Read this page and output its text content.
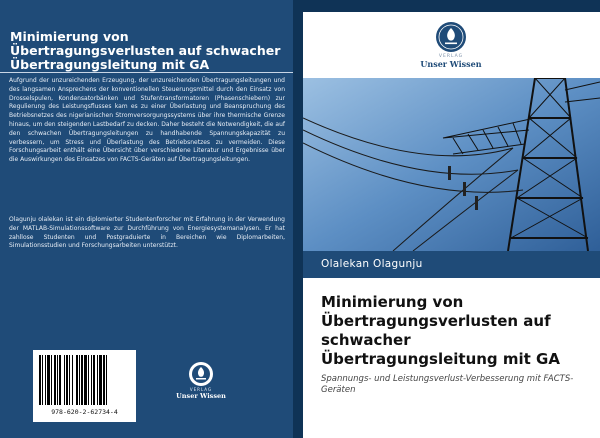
Minimierung von Übertragungsverlusten auf schwacher Übertragungsleitung mit GA
Aufgrund der unzureichenden Erzeugung, der unzureichenden Übertragungsleitungen und des langsamen Ansprechens der konventionellen Steuerungsmittel durch den Einsatz von Drosselspulen, Kondensatorbänken und Stufentransformatoren (Phasenschiebern) zur Regulierung des Leistungsflusses kam es zu einer Überlastung und Beanspruchung des Betriebsnetzes des nigerianischen Stromversorgungssystems über ihre thermische Grenze hinaus, um den steigenden Lastbedarf zu decken. Daher besteht die Notwendigkeit, die auf den schwachen Übertragungsleitungen zu handhabende Spannungskapazität zu verbessern, um Stress und Überlastung des Betriebsnetzes zu vermeiden. Diese Forschungsarbeit enthält eine Übersicht über verschiedene Literatur und Ergebnisse über die Auswirkungen des Einsatzes von FACTS-Geräten auf Übertragungsleitungen.
Olagunju olalekan ist ein diplomierter Studentenforscher mit Erfahrung in der Verwendung der MATLAB-Simulationssoftware zur Durchführung von Energiesystemanalysen. Er hat zahllose Studenten und Postgraduierte in Bereichen wie Diplomarbeiten, Simulationsstudien und Forschungsarbeiten unterstützt.
978-620-2-62734-4
VERLAG
Unser Wissen
VERLAG
Unser Wissen
Olalekan Olagunju
Minimierung von Übertragungsverlusten auf schwacher Übertragungsleitung mit GA
Spannungs- und Leistungsverlust-Verbesserung mit FACTS-Geräten
